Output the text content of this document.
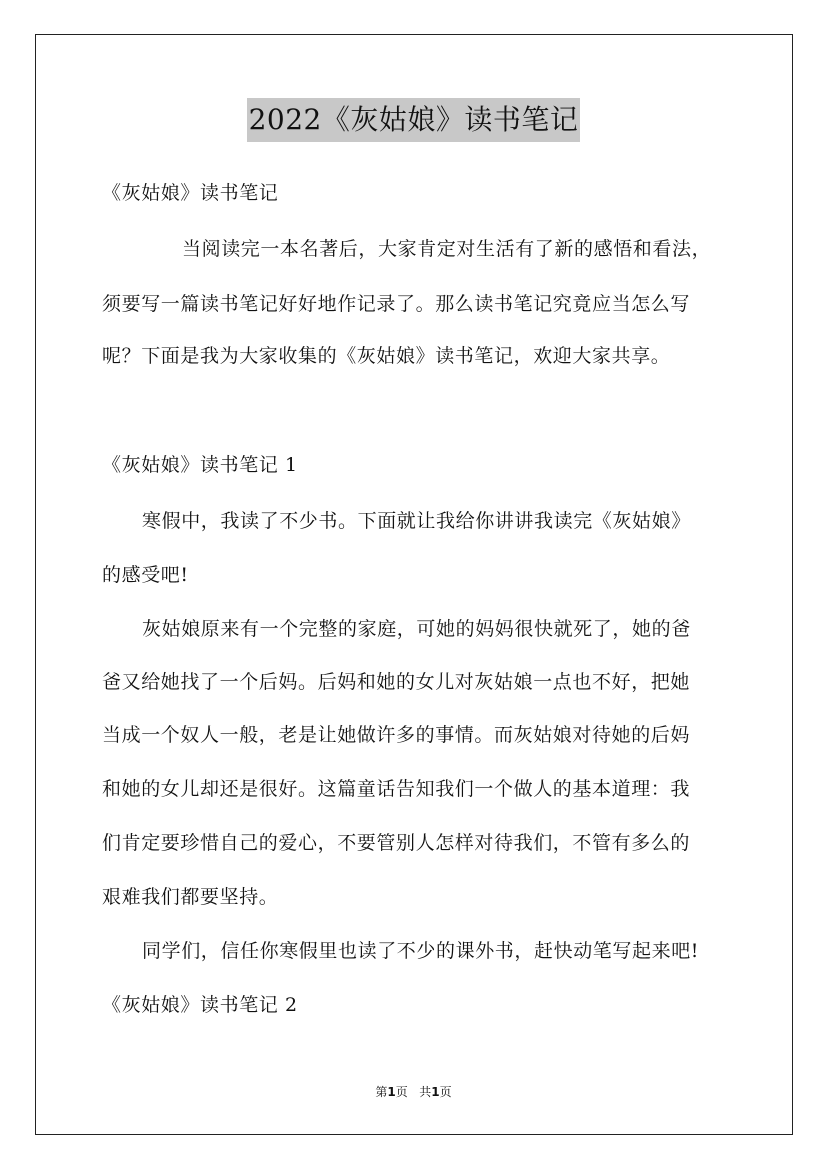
2022《灰姑娘》读书笔记
《灰姑娘》读书笔记
当阅读完一本名著后，大家肯定对生活有了新的感悟和看法，
须要写一篇读书笔记好好地作记录了。那么读书笔记究竟应当怎么写
呢？下面是我为大家收集的《灰姑娘》读书笔记，欢迎大家共享。
《灰姑娘》读书笔记 1
寒假中，我读了不少书。下面就让我给你讲讲我读完《灰姑娘》
的感受吧!
灰姑娘原来有一个完整的家庭，可她的妈妈很快就死了，她的爸
爸又给她找了一个后妈。后妈和她的女儿对灰姑娘一点也不好，把她
当成一个奴人一般，老是让她做许多的事情。而灰姑娘对待她的后妈
和她的女儿却还是很好。这篇童话告知我们一个做人的基本道理：我
们肯定要珍惜自己的爱心，不要管别人怎样对待我们，不管有多么的
艰难我们都要坚持。
同学们，信任你寒假里也读了不少的课外书，赶快动笔写起来吧!
《灰姑娘》读书笔记 2
第1页 共1页
